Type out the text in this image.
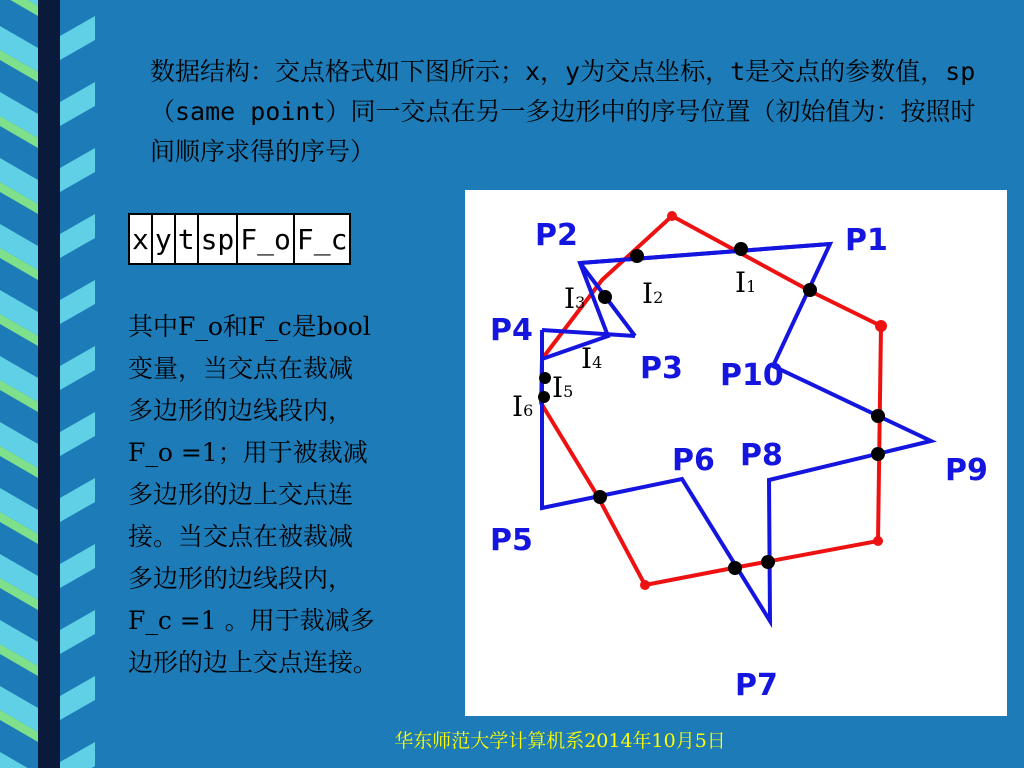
数据结构：交点格式如下图所示；x，y为交点坐标，t是交点的参数值，sp（same point）同一交点在另一多边形中的序号位置（初始值为：按照时间顺序求得的序号）
x	y	t	sp	F_o	F_c
其中F_o和F_c是bool
变量，当交点在裁减
多边形的边线段内，
F_o =1；用于被裁减
多边形的边上交点连
接。当交点在被裁减
多边形的边线段内，
F_c =1 。用于裁减多
边形的边上交点连接。
P1
P2
P3
P4
P5
P6
P7
P8	P9
P10
I1
I2
I3
I4
I5
I6
华东师范大学计算机系2014年10月5日
